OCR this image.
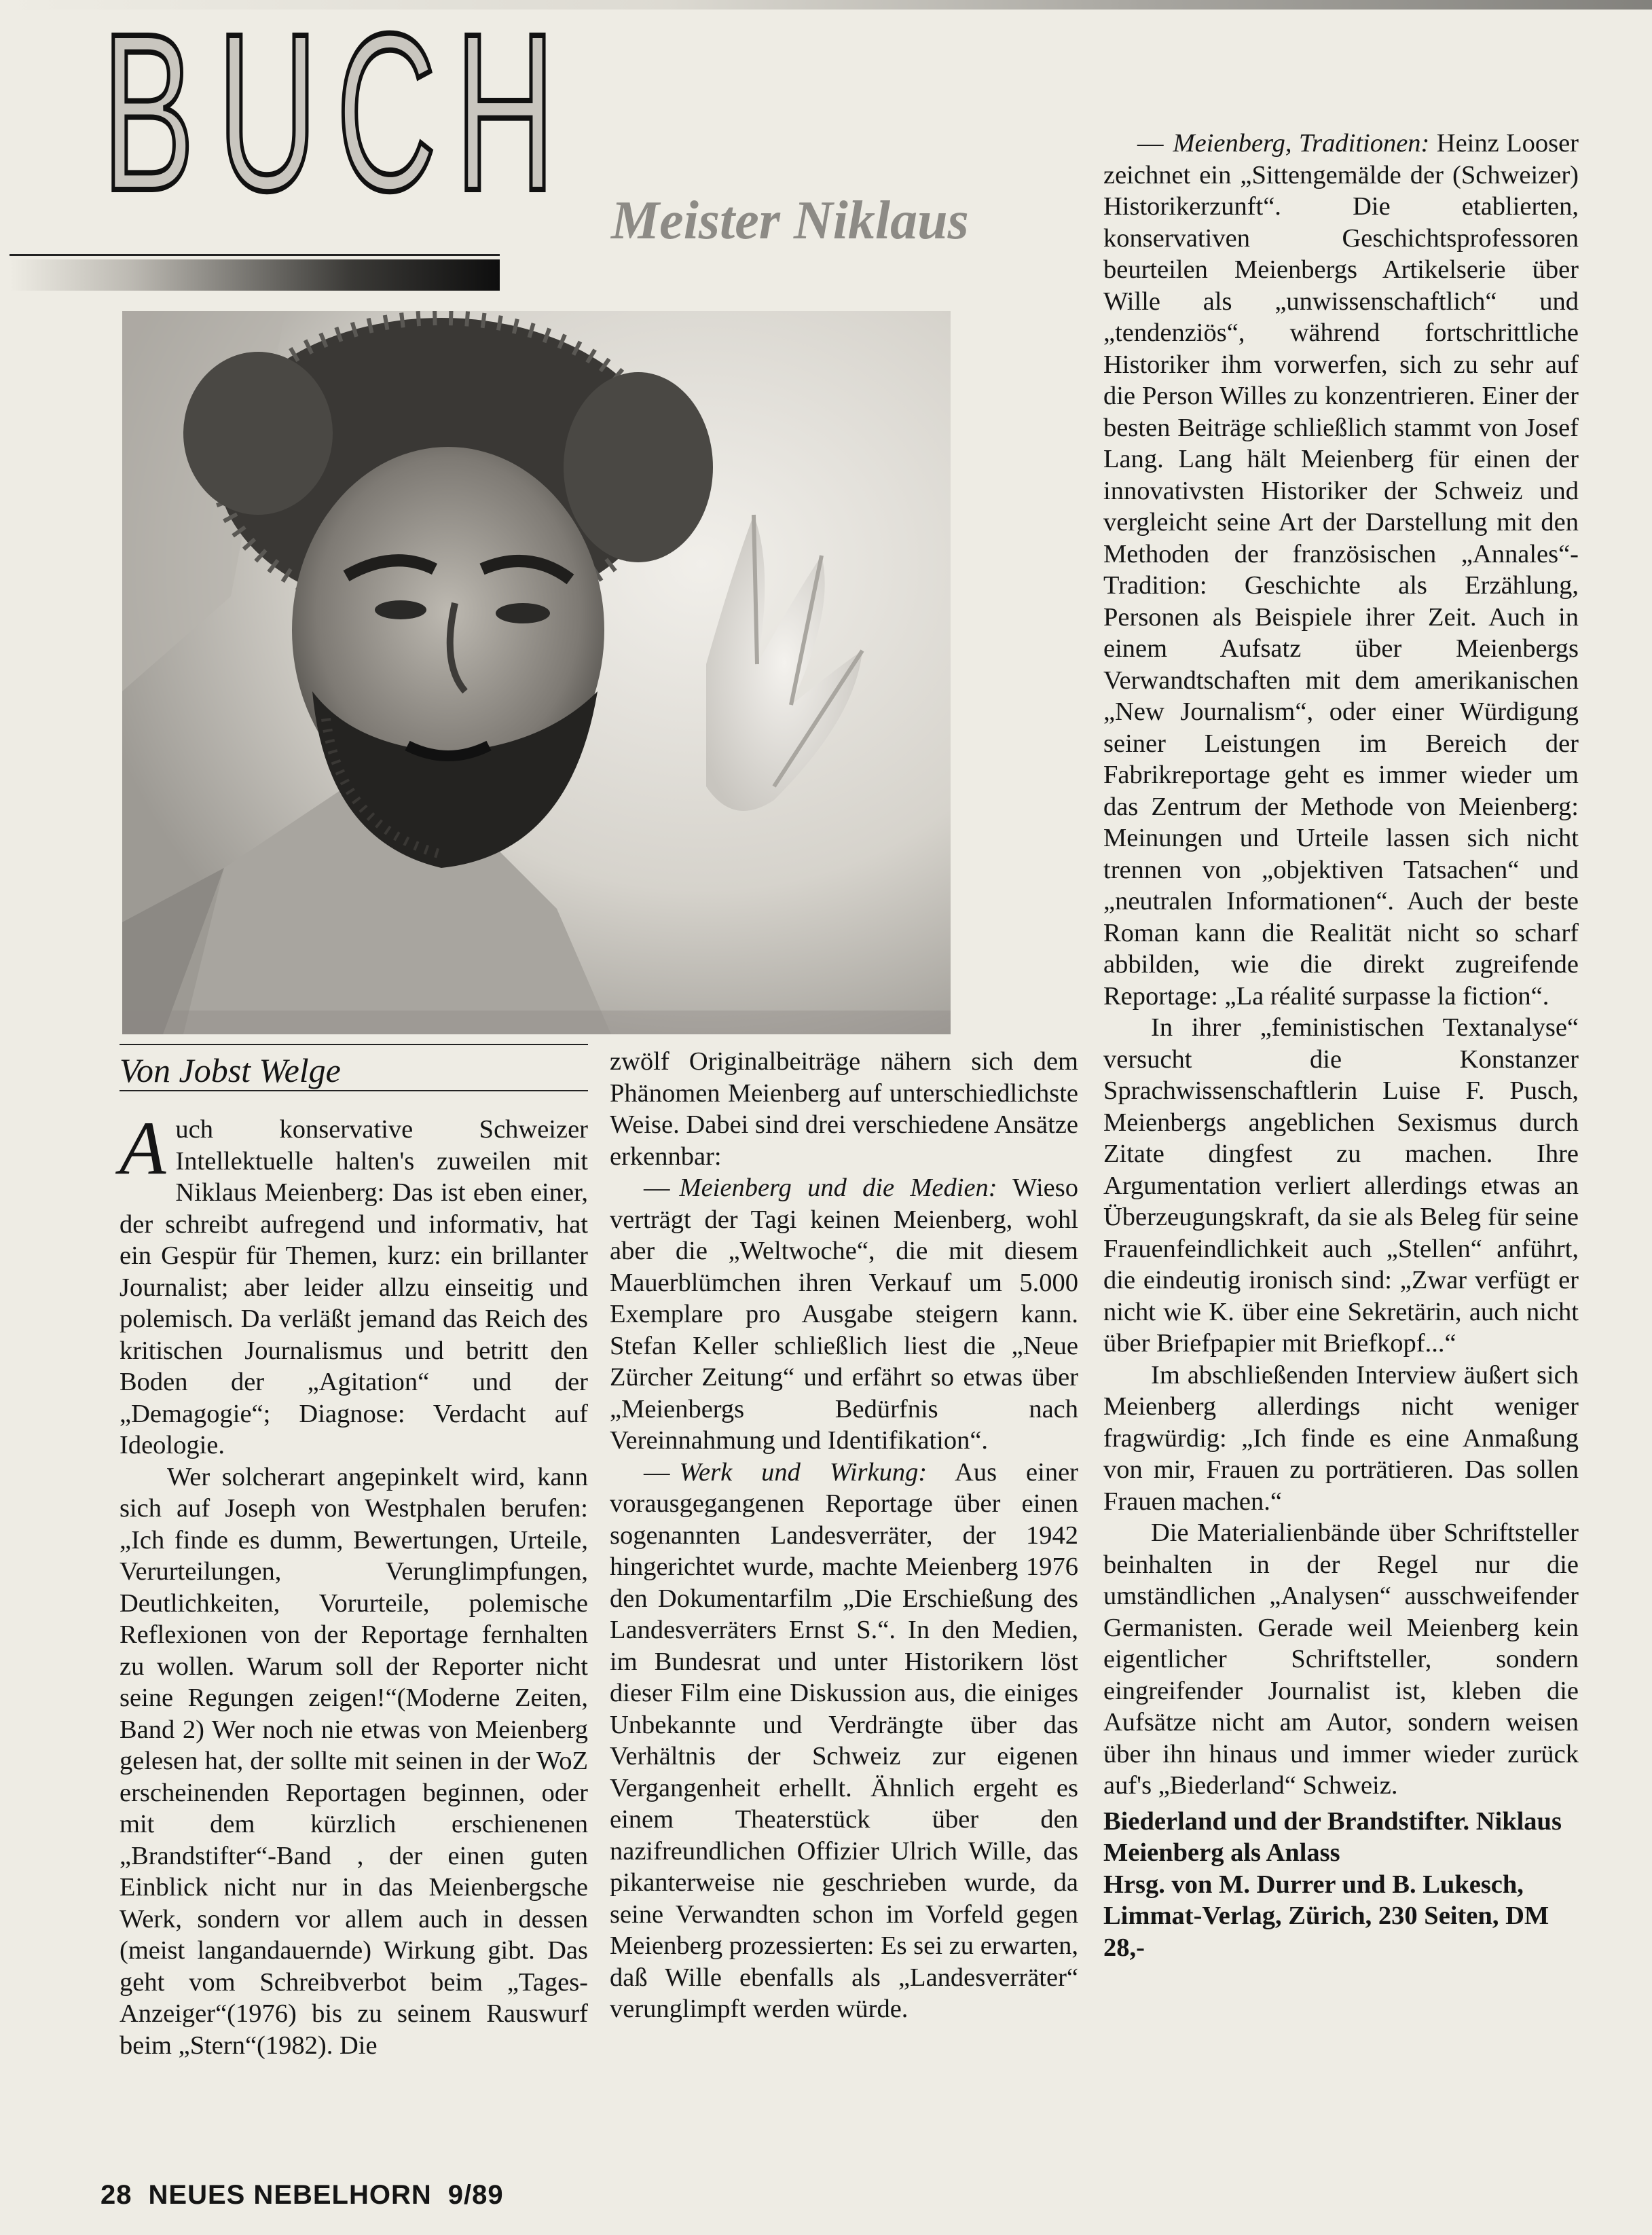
B U C H Meister Niklaus

Von Jobst Welge

Auch konservative Schweizer Intellektuelle halten's zuweilen mit Niklaus Meienberg: Das ist eben einer, der schreibt aufregend und informativ, hat ein Gespür für Themen, kurz: ein brillanter Journalist; aber leider allzu einseitig und polemisch. Da verläßt jemand das Reich des kritischen Journalismus und betritt den Boden der „Agitation“ und der „Demagogie“; Diagnose: Verdacht auf Ideologie.

Wer solcherart angepinkelt wird, kann sich auf Joseph von Westphalen berufen: „Ich finde es dumm, Bewertungen, Urteile, Verurteilungen, Verunglimpfungen, Deutlichkeiten, Vorurteile, polemische Reflexionen von der Reportage fernhalten zu wollen. Warum soll der Reporter nicht seine Regungen zeigen!“(Moderne Zeiten, Band 2) Wer noch nie etwas von Meienberg gelesen hat, der sollte mit seinen in der WoZ erscheinenden Reportagen beginnen, oder mit dem kürzlich erschienenen „Brandstifter“-Band , der einen guten Einblick nicht nur in das Meienbergsche Werk, sondern vor allem auch in dessen (meist langandauernde) Wirkung gibt. Das geht vom Schreibverbot beim „Tages-Anzeiger“(1976) bis zu seinem Rauswurf beim „Stern“(1982). Die

zwölf Originalbeiträge nähern sich dem Phänomen Meienberg auf unterschiedlichste Weise. Dabei sind drei verschiedene Ansätze erkennbar:

— Meienberg und die Medien: Wieso verträgt der Tagi keinen Meienberg, wohl aber die „Weltwoche“, die mit diesem Mauerblümchen ihren Verkauf um 5.000 Exemplare pro Ausgabe steigern kann. Stefan Keller schließlich liest die „Neue Zürcher Zeitung“ und erfährt so etwas über „Meienbergs Bedürfnis nach Vereinnahmung und Identifikation“.

— Werk und Wirkung: Aus einer vorausgegangenen Reportage über einen sogenannten Landesverräter, der 1942 hingerichtet wurde, machte Meienberg 1976 den Dokumentarfilm „Die Erschießung des Landesverräters Ernst S.“. In den Medien, im Bundesrat und unter Historikern löst dieser Film eine Diskussion aus, die einiges Unbekannte und Verdrängte über das Verhältnis der Schweiz zur eigenen Vergangenheit erhellt. Ähnlich ergeht es einem Theaterstück über den nazifreundlichen Offizier Ulrich Wille, das pikanterweise nie geschrieben wurde, da seine Verwandten schon im Vorfeld gegen Meienberg prozessierten: Es sei zu erwarten, daß Wille ebenfalls als „Landesverräter“ verunglimpft werden würde.

— Meienberg, Traditionen: Heinz Looser zeichnet ein „Sittengemälde der (Schweizer) Historikerzunft“. Die etablierten, konservativen Geschichtsprofessoren beurteilen Meienbergs Artikelserie über Wille als „unwissenschaftlich“ und „tendenziös“, während fortschrittliche Historiker ihm vorwerfen, sich zu sehr auf die Person Willes zu konzentrieren. Einer der besten Beiträge schließlich stammt von Josef Lang. Lang hält Meienberg für einen der innovativsten Historiker der Schweiz und vergleicht seine Art der Darstellung mit den Methoden der französischen „Annales“-Tradition: Geschichte als Erzählung, Personen als Beispiele ihrer Zeit. Auch in einem Aufsatz über Meienbergs Verwandtschaften mit dem amerikanischen „New Journalism“, oder einer Würdigung seiner Leistungen im Bereich der Fabrikreportage geht es immer wieder um das Zentrum der Methode von Meienberg: Meinungen und Urteile lassen sich nicht trennen von „objektiven Tatsachen“ und „neutralen Informationen“. Auch der beste Roman kann die Realität nicht so scharf abbilden, wie die direkt zugreifende Reportage: „La réalité surpasse la fiction“.

In ihrer „feministischen Textanalyse“ versucht die Konstanzer Sprachwissenschaftlerin Luise F. Pusch, Meienbergs angeblichen Sexismus durch Zitate dingfest zu machen. Ihre Argumentation verliert allerdings etwas an Überzeugungskraft, da sie als Beleg für seine Frauenfeindlichkeit auch „Stellen“ anführt, die eindeutig ironisch sind: „Zwar verfügt er nicht wie K. über eine Sekretärin, auch nicht über Briefpapier mit Briefkopf...“

Im abschließenden Interview äußert sich Meienberg allerdings nicht weniger fragwürdig: „Ich finde es eine Anmaßung von mir, Frauen zu porträtieren. Das sollen Frauen machen.“

Die Materialienbände über Schriftsteller beinhalten in der Regel nur die umständlichen „Analysen“ ausschweifender Germanisten. Gerade weil Meienberg kein eigentlicher Schriftsteller, sondern eingreifender Journalist ist, kleben die Aufsätze nicht am Autor, sondern weisen über ihn hinaus und immer wieder zurück auf's „Biederland“ Schweiz.

Biederland und der Brandstifter. Niklaus Meienberg als Anlass
Hrsg. von M. Durrer und B. Lukesch, Limmat-Verlag, Zürich, 230 Seiten, DM 28,-

28 NEUES NEBELHORN 9/89
